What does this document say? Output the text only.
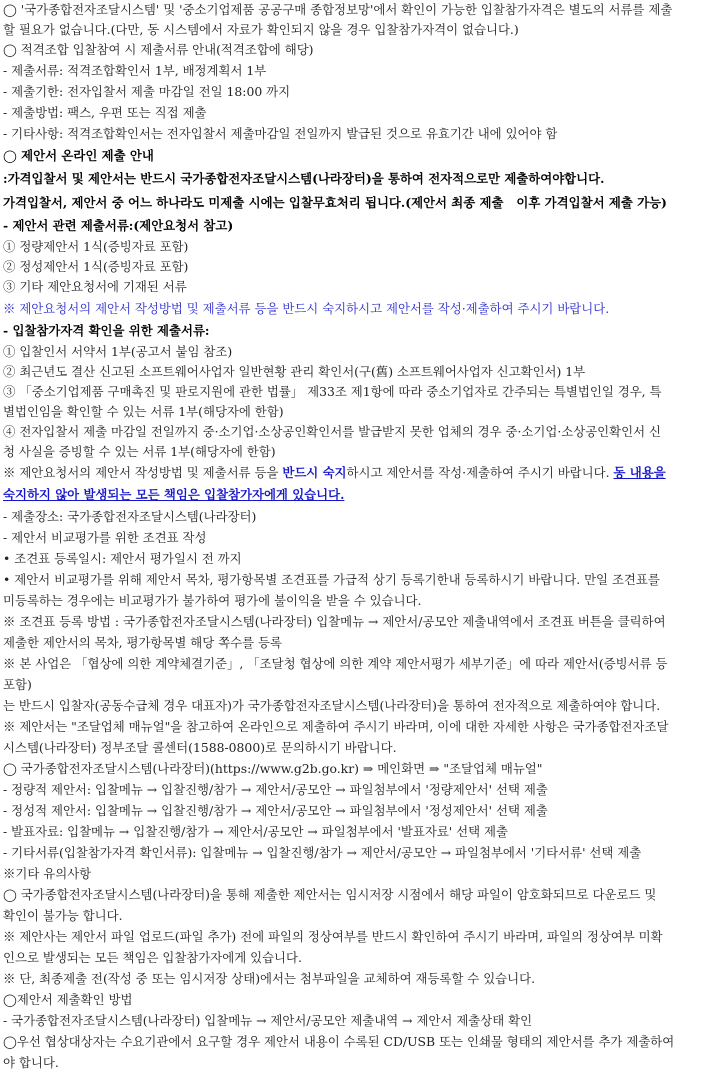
◯ '국가종합전자조달시스템' 및 '중소기업제품 공공구매 종합정보망'에서 확인이 가능한 입찰참가자격은 별도의 서류를 제출
할 필요가 없습니다.(다만, 동 시스템에서 자료가 확인되지 않을 경우 입찰참가자격이 없습니다.)
◯ 적격조합 입찰참여 시 제출서류 안내(적격조합에 해당)
- 제출서류: 적격조합확인서 1부, 배정계획서 1부
- 제출기한: 전자입찰서 제출 마감일 전일 18:00 까지
- 제출방법: 팩스, 우편 또는 직접 제출
- 기타사항: 적격조합확인서는 전자입찰서 제출마감일 전일까지 발급된 것으로 유효기간 내에 있어야 함
◯ 제안서 온라인 제출 안내
:가격입찰서 및 제안서는 반드시 국가종합전자조달시스템(나라장터)을 통하여 전자적으로만 제출하여야합니다.
가격입찰서, 제안서 중 어느 하나라도 미제출 시에는 입찰무효처리 됩니다.(제안서 최종 제출   이후 가격입찰서 제출 가능)
- 제안서 관련 제출서류:(제안요청서 참고)
① 정량제안서 1식(증빙자료 포함)
② 정성제안서 1식(증빙자료 포함)
③ 기타 제안요청서에 기재된 서류
※ 제안요청서의 제안서 작성방법 및 제출서류 등을 반드시 숙지하시고 제안서를 작성·제출하여 주시기 바랍니다.
- 입찰참가자격 확인을 위한 제출서류:
① 입찰인서 서약서 1부(공고서 붙임 참조)
② 최근년도 결산 신고된 소프트웨어사업자 일반현황 관리 확인서(구(舊) 소프트웨어사업자 신고확인서) 1부
③ 「중소기업제품 구매촉진 및 판로지원에 관한 법률」 제33조 제1항에 따라 중소기업자로 간주되는 특별법인일 경우, 특
별법인임을 확인할 수 있는 서류 1부(해당자에 한함)
④ 전자입찰서 제출 마감일 전일까지 중·소기업·소상공인확인서를 발급받지 못한 업체의 경우 중·소기업·소상공인확인서 신
청 사실을 증빙할 수 있는 서류 1부(해당자에 한함)
※ 제안요청서의 제안서 작성방법 및 제출서류 등을 반드시 숙지하시고 제안서를 작성·제출하여 주시기 바랍니다. 동 내용을
숙지하지 않아 발생되는 모든 책임은 입찰참가자에게 있습니다.
- 제출장소: 국가종합전자조달시스템(나라장터)
- 제안서 비교평가를 위한 조견표 작성
• 조견표 등록일시: 제안서 평가일시 전 까지
• 제안서 비교평가를 위해 제안서 목차, 평가항목별 조견표를 가급적 상기 등록기한내 등록하시기 바랍니다. 만일 조견표를
미등록하는 경우에는 비교평가가 불가하여 평가에 불이익을 받을 수 있습니다.
※ 조견표 등록 방법 : 국가종합전자조달시스템(나라장터) 입찰메뉴 → 제안서/공모안 제출내역에서 조견표 버튼을 클릭하여
제출한 제안서의 목차, 평가항목별 해당 쪽수를 등록
※ 본 사업은 「협상에 의한 계약체결기준」, 「조달청 협상에 의한 계약 제안서평가 세부기준」에 따라 제안서(증빙서류 등
포함)
는 반드시 입찰자(공동수급체 경우 대표자)가 국가종합전자조달시스템(나라장터)을 통하여 전자적으로 제출하여야 합니다.
※ 제안서는 "조달업체 매뉴얼"을 참고하여 온라인으로 제출하여 주시기 바라며, 이에 대한 자세한 사항은 국가종합전자조달
시스템(나라장터) 정부조달 콜센터(1588-0800)로 문의하시기 바랍니다.
◯ 국가종합전자조달시스템(나라장터)(https://www.g2b.go.kr) ⇒ 메인화면 ⇒ "조달업체 매뉴얼"
- 정량적 제안서: 입찰메뉴 → 입찰진행/참가 → 제안서/공모안 → 파일첨부에서 '정량제안서' 선택 제출
- 정성적 제안서: 입찰메뉴 → 입찰진행/참가 → 제안서/공모안 → 파일첨부에서 '정성제안서' 선택 제출
- 발표자료: 입찰메뉴 → 입찰진행/참가 → 제안서/공모안 → 파일첨부에서 '발표자료' 선택 제출
- 기타서류(입찰참가자격 확인서류): 입찰메뉴 → 입찰진행/참가 → 제안서/공모안 → 파일첨부에서 '기타서류' 선택 제출
※기타 유의사항
◯ 국가종합전자조달시스템(나라장터)을 통해 제출한 제안서는 임시저장 시점에서 해당 파일이 암호화되므로 다운로드 및
확인이 불가능 합니다.
※ 제안사는 제안서 파일 업로드(파일 추가) 전에 파일의 정상여부를 반드시 확인하여 주시기 바라며, 파일의 정상여부 미확
인으로 발생되는 모든 책임은 입찰참가자에게 있습니다.
※ 단, 최종제출 전(작성 중 또는 임시저장 상태)에서는 첨부파일을 교체하여 재등록할 수 있습니다.
◯제안서 제출확인 방법
- 국가종합전자조달시스템(나라장터) 입찰메뉴 → 제안서/공모안 제출내역 → 제안서 제출상태 확인
◯우선 협상대상자는 수요기관에서 요구할 경우 제안서 내용이 수록된 CD/USB 또는 인쇄물 형태의 제안서를 추가 제출하여
야 합니다.
